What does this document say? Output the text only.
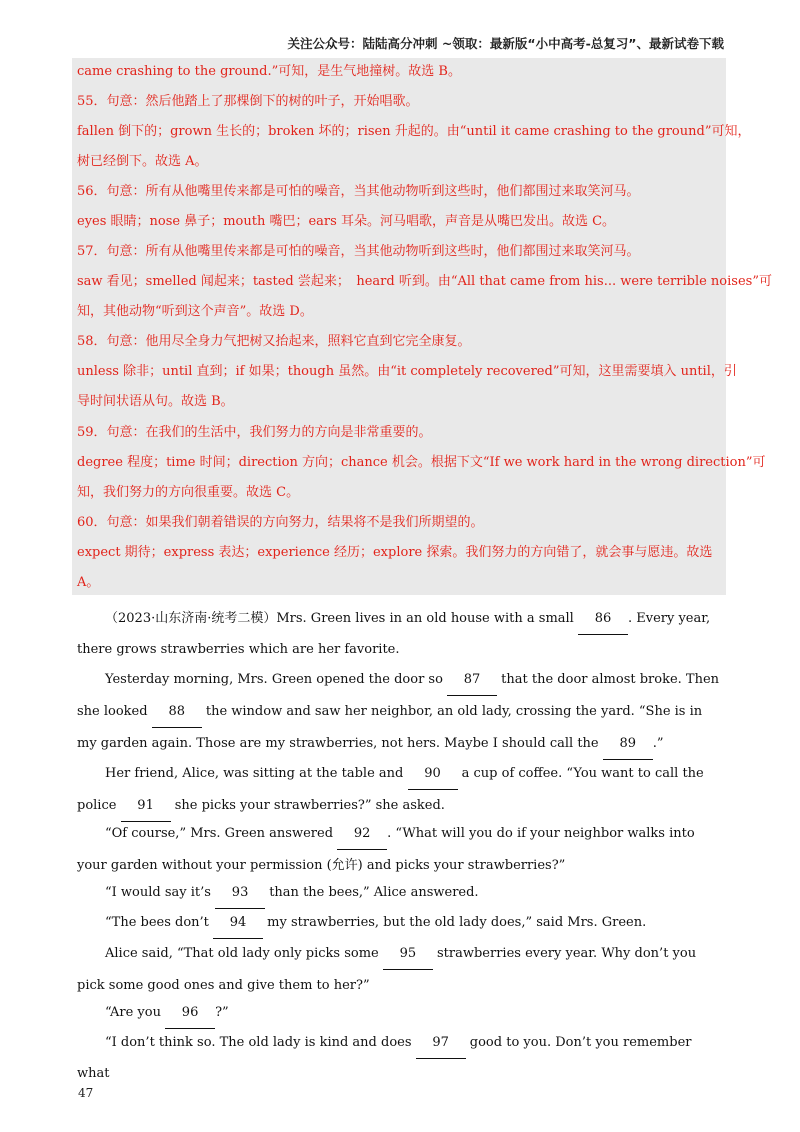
关注公众号：陆陆高分冲刺 ~领取：最新版“小中高考-总复习”、最新试卷下载
came crashing to the ground.”可知，是生气地撞树。故选 B。
55．句意：然后他踏上了那棵倒下的树的叶子，开始唱歌。
fallen 倒下的；grown 生长的；broken 坏的；risen 升起的。由“until it came crashing to the ground”可知，
树已经倒下。故选 A。
56．句意：所有从他嘴里传来都是可怕的噪音，当其他动物听到这些时，他们都围过来取笑河马。
eyes 眼睛；nose 鼻子；mouth 嘴巴；ears 耳朵。河马唱歌，声音是从嘴巴发出。故选 C。
57．句意：所有从他嘴里传来都是可怕的噪音，当其他动物听到这些时，他们都围过来取笑河马。
saw 看见；smelled 闻起来；tasted 尝起来；　heard 听到。由“All that came from his... were terrible noises”可
知，其他动物“听到这个声音”。故选 D。
58．句意：他用尽全身力气把树又抬起来，照料它直到它完全康复。
unless 除非；until 直到；if 如果；though 虽然。由“it completely recovered”可知，这里需要填入 until，引
导时间状语从句。故选 B。
59．句意：在我们的生活中，我们努力的方向是非常重要的。
degree 程度；time 时间；direction 方向；chance 机会。根据下文“If we work hard in the wrong direction”可
知，我们努力的方向很重要。故选 C。
60．句意：如果我们朝着错误的方向努力，结果将不是我们所期望的。
expect 期待；express 表达；experience 经历；explore 探索。我们努力的方向错了，就会事与愿违。故选
A。
（2023·山东济南·统考二模）Mrs. Green lives in an old house with a small 86 . Every year, there grows strawberries which are her favorite.
Yesterday morning, Mrs. Green opened the door so 87 that the door almost broke. Then she looked 88 the window and saw her neighbor, an old lady, crossing the yard. “She is in my garden again. Those are my strawberries, not hers. Maybe I should call the 89 .”
Her friend, Alice, was sitting at the table and 90 a cup of coffee. “You want to call the police 91 she picks your strawberries?” she asked.
“Of course,” Mrs. Green answered 92 . “What will you do if your neighbor walks into your garden without your permission (允许) and picks your strawberries?”
“I would say it’s 93 than the bees,” Alice answered.
“The bees don’t 94 my strawberries, but the old lady does,” said Mrs. Green.
Alice said, “That old lady only picks some 95 strawberries every year. Why don’t you pick some good ones and give them to her?”
“Are you 96 ?”
“I don’t think so. The old lady is kind and does 97 good to you. Don’t you remember what
47
